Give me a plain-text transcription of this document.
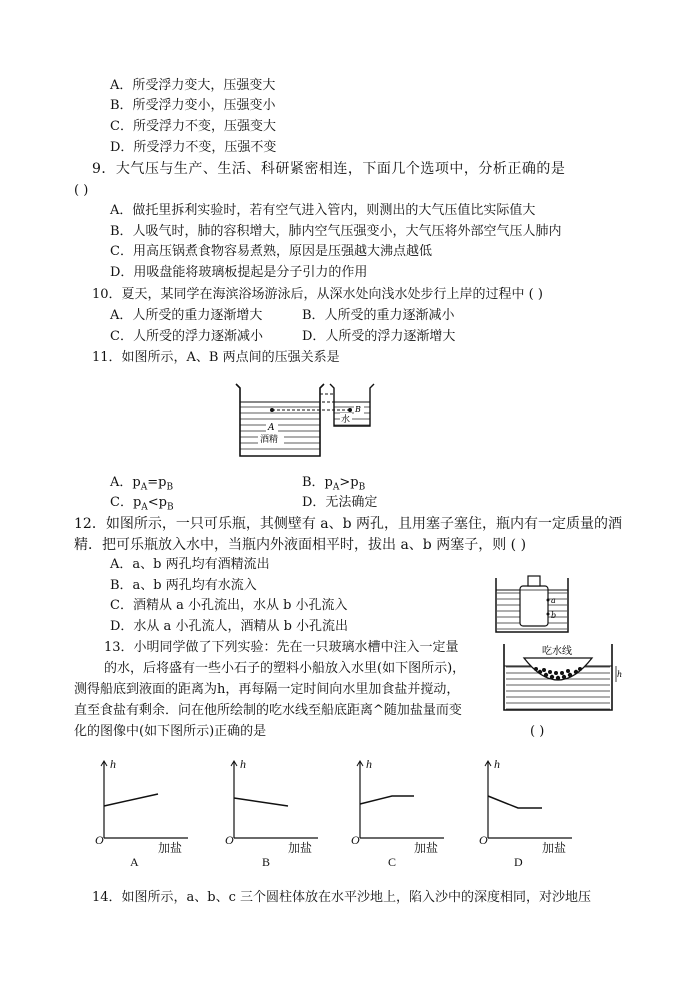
A．所受浮力变大，压强变大
B．所受浮力变小，压强变小
C．所受浮力不变，压强变大
D．所受浮力不变，压强不变
9．大气压与生产、生活、科研紧密相连，下面几个选项中，分析正确的是
( )
A．做托里拆利实验时，若有空气进入管内，则测出的大气压值比实际值大
B．人吸气时，肺的容积增大，肺内空气压强变小，大气压将外部空气压人肺内
C．用高压锅煮食物容易煮熟，原因是压强越大沸点越低
D．用吸盘能将玻璃板提起是分子引力的作用
10．夏天，某同学在海滨浴场游泳后，从深水处向浅水处步行上岸的过程中 ( )
A．人所受的重力逐渐增大	B．人所受的重力逐渐减小
C．人所受的浮力逐渐减小	D．人所受的浮力逐渐增大
11．如图所示，A、B 两点间的压强关系是
A
酒精
B
水
A．$p_A=p_B$	B．$p_A>p_B$
C．$p_A<p_B$	D．无法确定
12．如图所示，一只可乐瓶，其侧壁有 a、b 两孔，且用塞子塞住，瓶内有一定质量的酒
精．把可乐瓶放入水中，当瓶内外液面相平时，拔出 a、b 两塞子，则 ( )
A．a、b 两孔均有酒精流出
B．a、b 两孔均有水流入
C．酒精从 a 小孔流出，水从 b 小孔流入
D．水从 a 小孔流人，酒精从 b 小孔流出
a
b
13．小明同学做了下列实验：先在一只玻璃水槽中注入一定量
的水，后将盛有一些小石子的塑料小船放入水里(如下图所示)，
测得船底到液面的距离为h，再每隔一定时间向水里加食盐并搅动，
直至食盐有剩余．问在他所绘制的吃水线至船底距离^随加盐量而变
化的图像中(如下图所示)正确的是	( )
吃水线
h
h
O
加盐
A
h
O
加盐
B
h
O
加盐
C
h
O
加盐
D
14．如图所示，a、b、c 三个圆柱体放在水平沙地上，陷入沙中的深度相同，对沙地压
